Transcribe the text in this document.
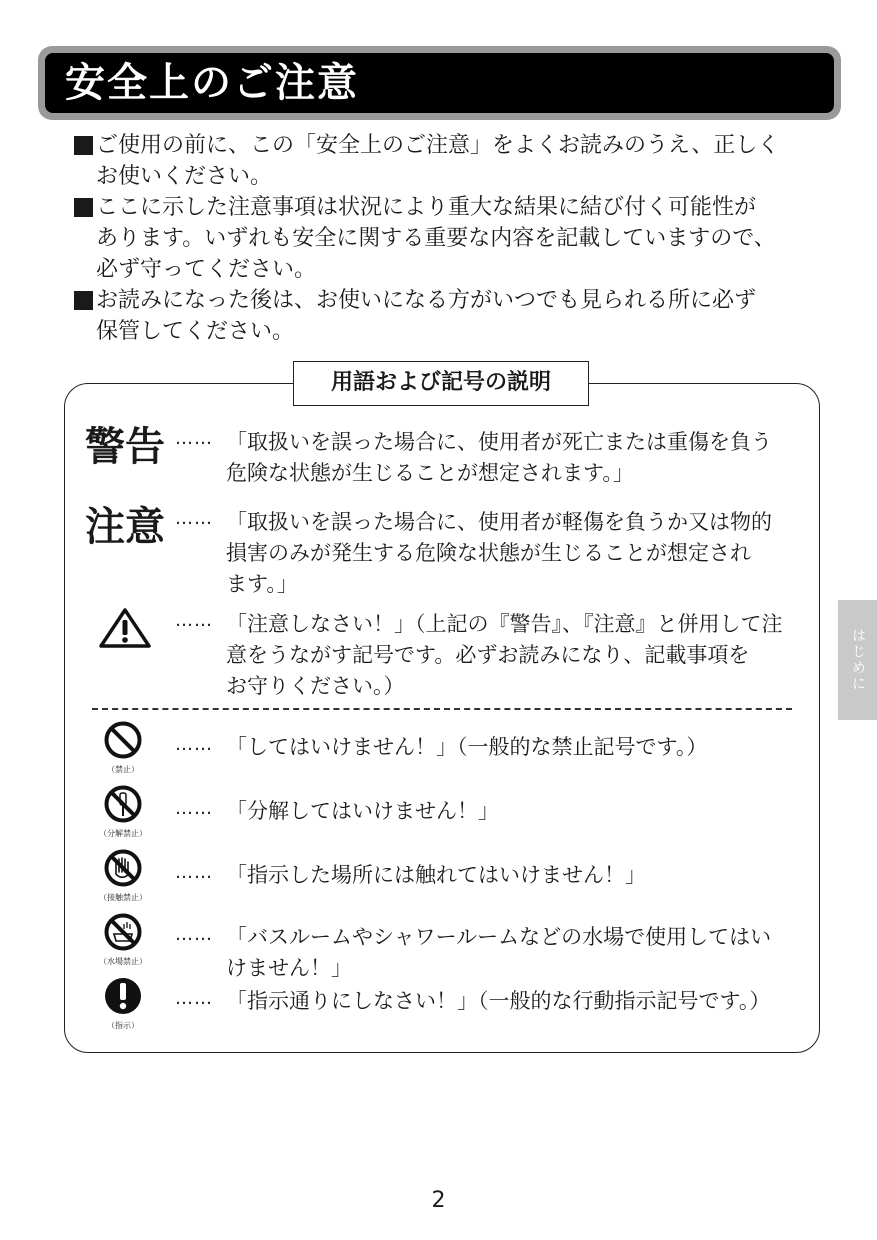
安全上のご注意
ご使用の前に、この「安全上のご注意」をよくお読みのうえ、正しく
お使いください。
ここに示した注意事項は状況により重大な結果に結び付く可能性が
あります。いずれも安全に関する重要な内容を記載していますので、
必ず守ってください。
お読みになった後は、お使いになる方がいつでも見られる所に必ず
保管してください。
用語および記号の説明
警告 …… 「取扱いを誤った場合に、使用者が死亡または重傷を負う
危険な状態が生じることが想定されます。」
注意 …… 「取扱いを誤った場合に、使用者が軽傷を負うか又は物的
損害のみが発生する危険な状態が生じることが想定され
ます。」
…… 「注意しなさい！」（上記の『警告』、『注意』と併用して注
意をうながす記号です。必ずお読みになり、記載事項を
お守りください。）
（禁止）
…… 「してはいけません！」（一般的な禁止記号です。）
（分解禁止）
…… 「分解してはいけません！」
（接触禁止）
…… 「指示した場所には触れてはいけません！」
（水場禁止）
…… 「バスルームやシャワールームなどの水場で使用してはい
けません！」
（指示）
…… 「指示通りにしなさい！」（一般的な行動指示記号です。）
はじめに
2
